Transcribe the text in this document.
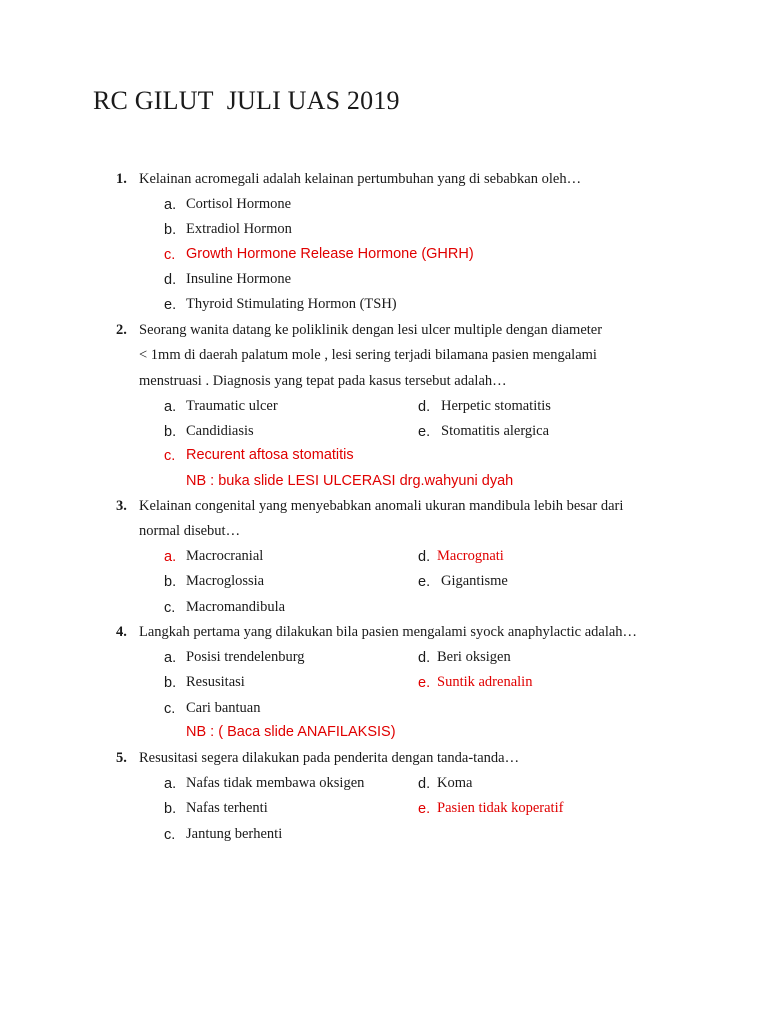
RC GILUT  JULI UAS 2019
1. Kelainan acromegali adalah kelainan pertumbuhan yang di sebabkan oleh…
a. Cortisol Hormone
b. Extradiol Hormon
c. Growth Hormone Release Hormone (GHRH)
d. Insuline Hormone
e. Thyroid Stimulating Hormon (TSH)
2. Seorang wanita datang ke poliklinik dengan lesi ulcer multiple dengan diameter
< 1mm di daerah palatum mole , lesi sering terjadi bilamana pasien mengalami
menstruasi . Diagnosis yang tepat pada kasus tersebut adalah…
a. Traumatic ulcer	d. Herpetic stomatitis
b. Candidiasis	e. Stomatitis alergica
c. Recurent aftosa stomatitis
NB : buka slide LESI ULCERASI drg.wahyuni dyah
3. Kelainan congenital yang menyebabkan anomali ukuran mandibula lebih besar dari
normal disebut…
a. Macrocranial	d. Macrognati
b. Macroglossia	e. Gigantisme
c. Macromandibula
4. Langkah pertama yang dilakukan bila pasien mengalami syock anaphylactic adalah…
a. Posisi trendelenburg	d. Beri oksigen
b. Resusitasi	e. Suntik adrenalin
c. Cari bantuan
NB : ( Baca slide ANAFILAKSIS)
5. Resusitasi segera dilakukan pada penderita dengan tanda-tanda…
a. Nafas tidak membawa oksigen	d. Koma
b. Nafas terhenti	e. Pasien tidak koperatif
c. Jantung berhenti
